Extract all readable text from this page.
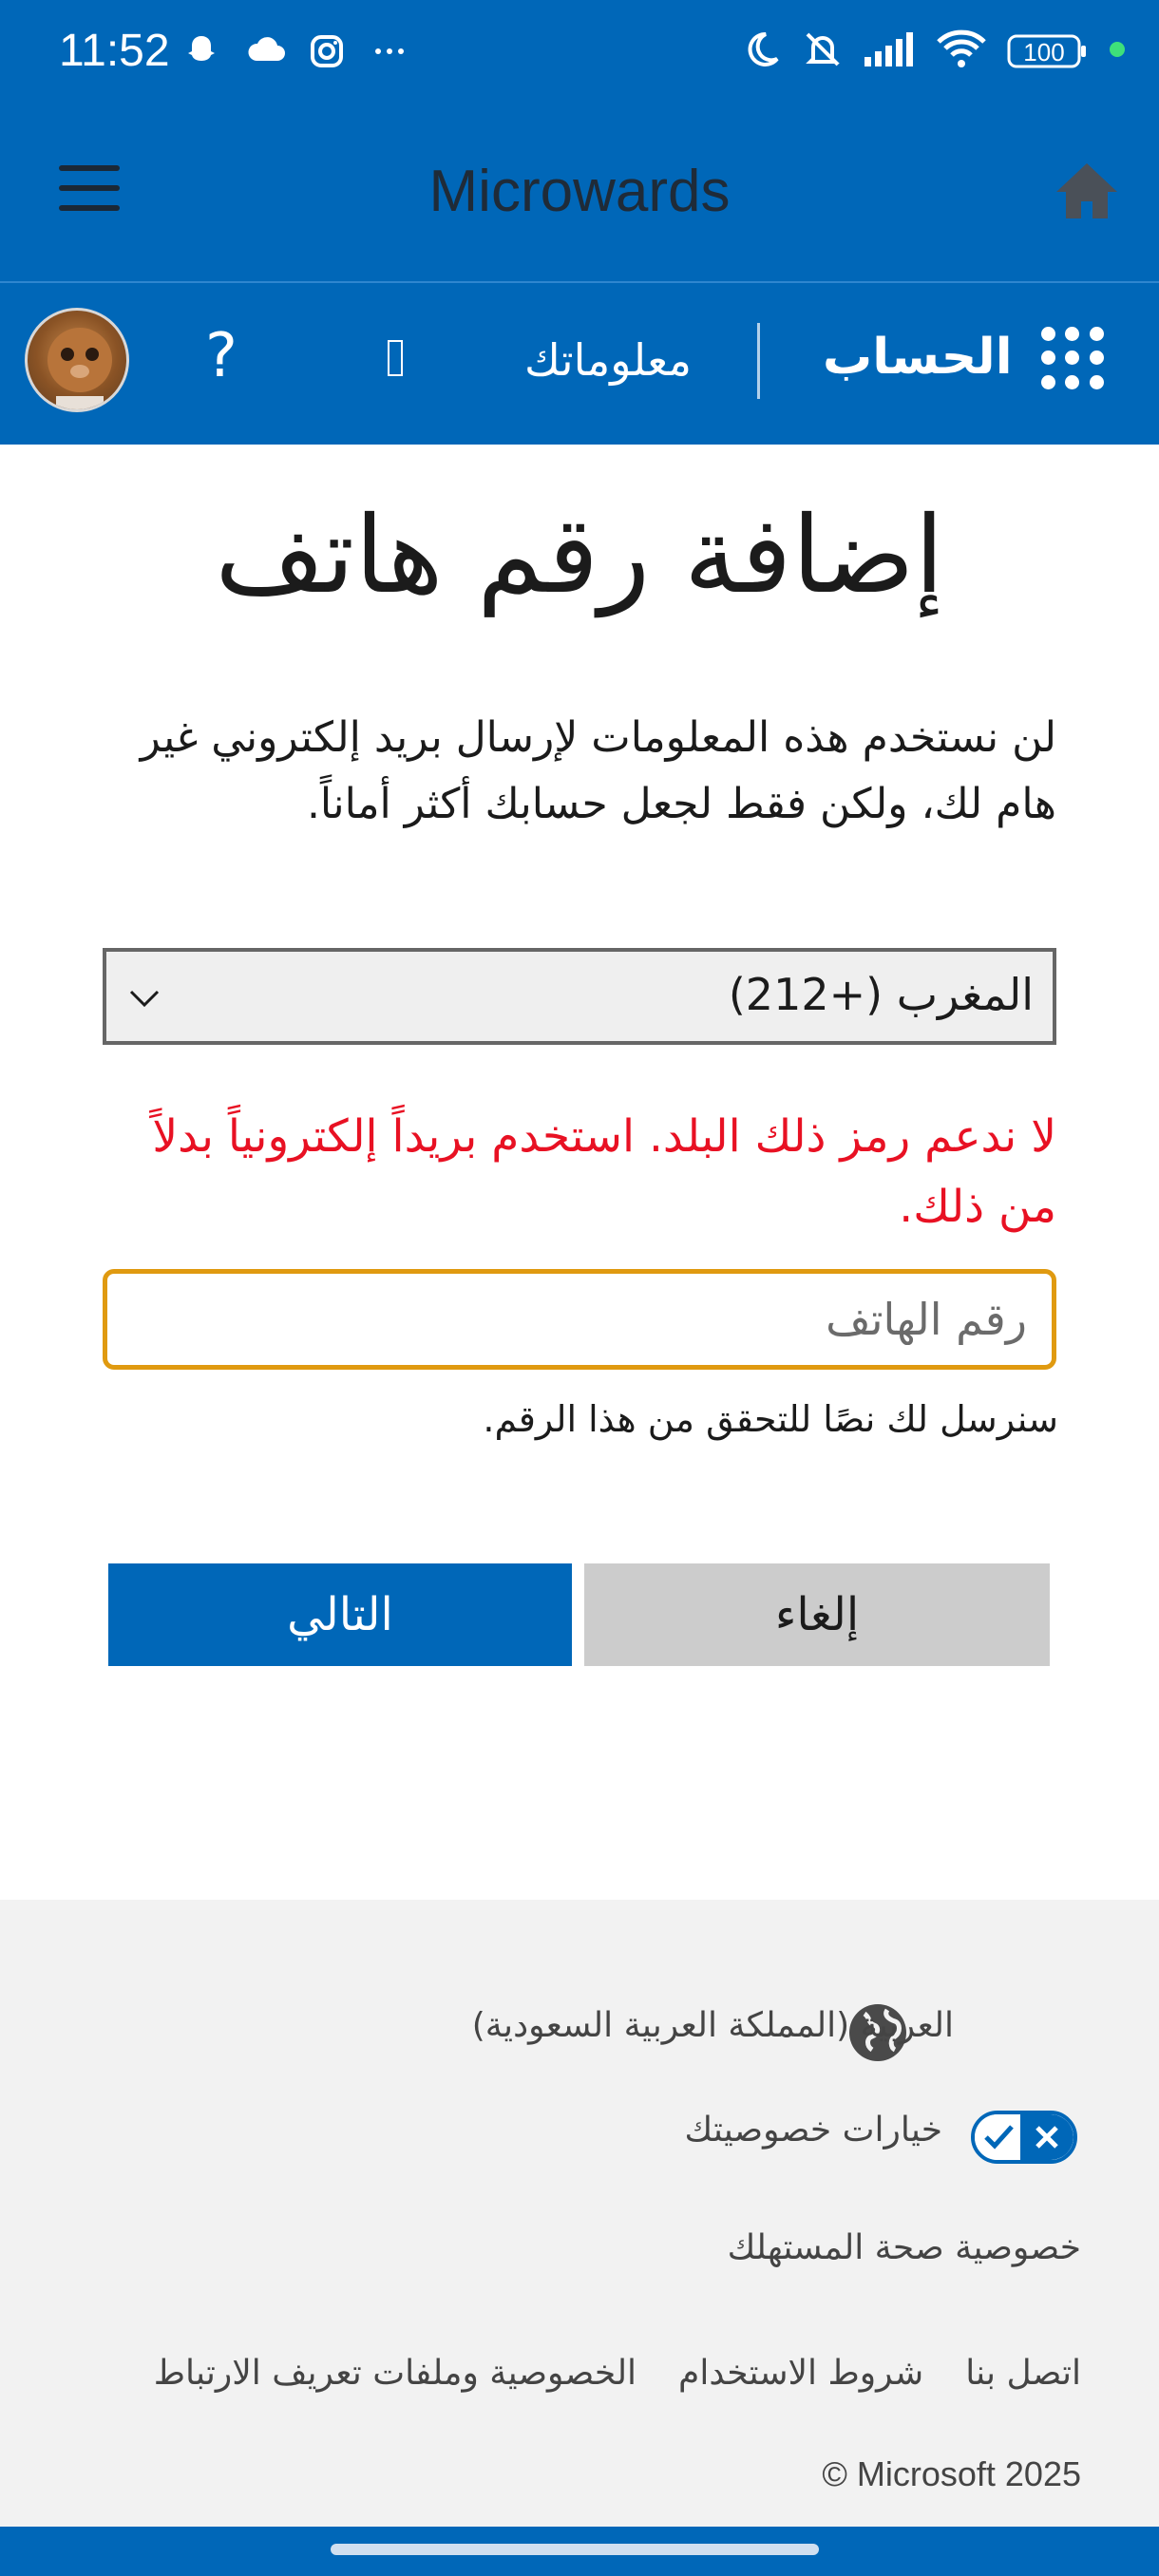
11:52	100
Microwards
?	معلوماتك	الحساب
إضافة رقم هاتف
لن نستخدم هذه المعلومات لإرسال بريد إلكتروني غير هام لك، ولكن فقط لجعل حسابك أكثر أماناً.
المغرب (+212)
لا ندعم رمز ذلك البلد. استخدم بريداً إلكترونياً بدلاً من ذلك.
رقم الهاتف
سنرسل لك نصًا للتحقق من هذا الرقم.
التالي	إلغاء
العربية (المملكة العربية السعودية)
خيارات خصوصيتك
خصوصية صحة المستهلك
الخصوصية وملفات تعريف الارتباط شروط الاستخدام اتصل بنا
© Microsoft 2025
